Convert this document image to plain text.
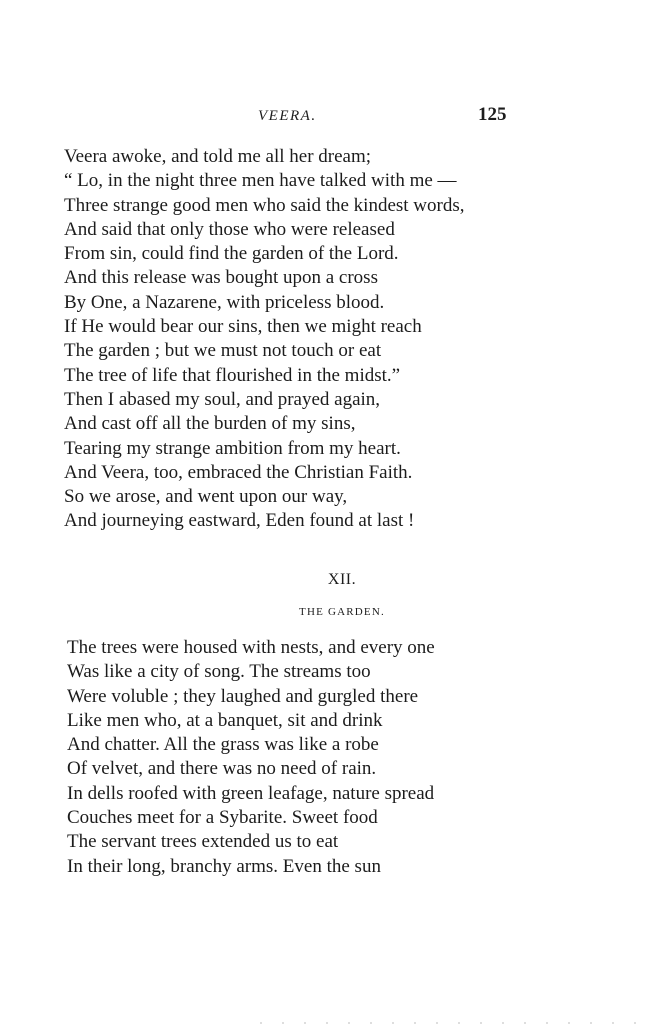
VEERA.	125
Veera awoke, and told me all her dream;
“ Lo, in the night three men have talked with me —
Three strange good men who said the kindest words,
And said that only those who were released
From sin, could find the garden of the Lord.
And this release was bought upon a cross
By One, a Nazarene, with priceless blood.
If He would bear our sins, then we might reach
The garden ; but we must not touch or eat
The tree of life that flourished in the midst.”
Then I abased my soul, and prayed again,
And cast off all the burden of my sins,
Tearing my strange ambition from my heart.
And Veera, too, embraced the Christian Faith.
So we arose, and went upon our way,
And journeying eastward, Eden found at last !
XII.
THE GARDEN.
The trees were housed with nests, and every one
Was like a city of song. The streams too
Were voluble ; they laughed and gurgled there
Like men who, at a banquet, sit and drink
And chatter. All the grass was like a robe
Of velvet, and there was no need of rain.
In dells roofed with green leafage, nature spread
Couches meet for a Sybarite. Sweet food
The servant trees extended us to eat
In their long, branchy arms. Even the sun
